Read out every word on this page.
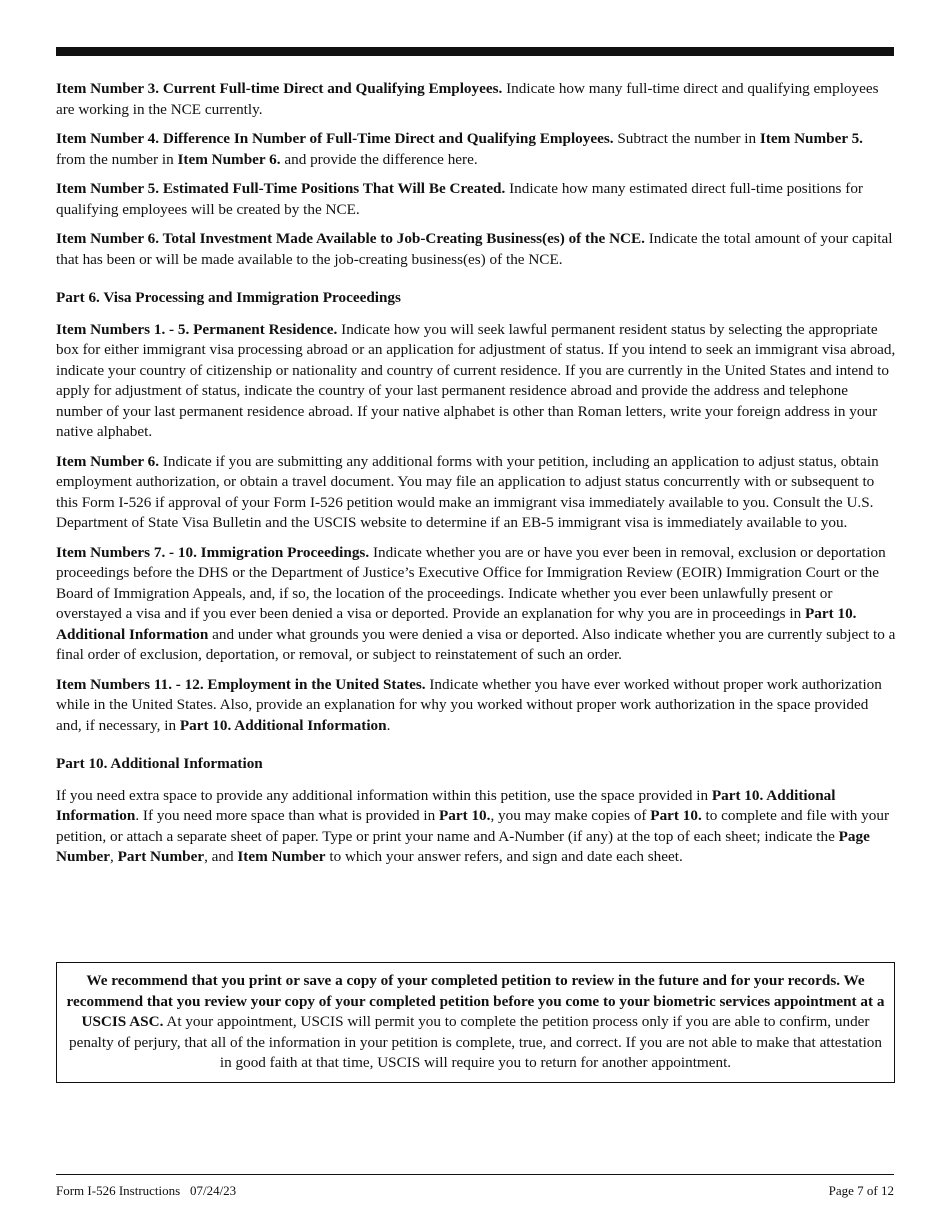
Item Number 3. Current Full-time Direct and Qualifying Employees. Indicate how many full-time direct and qualifying employees are working in the NCE currently.

Item Number 4. Difference In Number of Full-Time Direct and Qualifying Employees. Subtract the number in Item Number 5. from the number in Item Number 6. and provide the difference here.

Item Number 5. Estimated Full-Time Positions That Will Be Created. Indicate how many estimated direct full-time positions for qualifying employees will be created by the NCE.

Item Number 6. Total Investment Made Available to Job-Creating Business(es) of the NCE. Indicate the total amount of your capital that has been or will be made available to the job-creating business(es) of the NCE.

Part 6. Visa Processing and Immigration Proceedings

Item Numbers 1. - 5. Permanent Residence. Indicate how you will seek lawful permanent resident status by selecting the appropriate box for either immigrant visa processing abroad or an application for adjustment of status. If you intend to seek an immigrant visa abroad, indicate your country of citizenship or nationality and country of current residence. If you are currently in the United States and intend to apply for adjustment of status, indicate the country of your last permanent residence abroad and provide the address and telephone number of your last permanent residence abroad. If your native alphabet is other than Roman letters, write your foreign address in your native alphabet.

Item Number 6. Indicate if you are submitting any additional forms with your petition, including an application to adjust status, obtain employment authorization, or obtain a travel document. You may file an application to adjust status concurrently with or subsequent to this Form I-526 if approval of your Form I-526 petition would make an immigrant visa immediately available to you. Consult the U.S. Department of State Visa Bulletin and the USCIS website to determine if an EB-5 immigrant visa is immediately available to you.

Item Numbers 7. - 10. Immigration Proceedings. Indicate whether you are or have you ever been in removal, exclusion or deportation proceedings before the DHS or the Department of Justice’s Executive Office for Immigration Review (EOIR) Immigration Court or the Board of Immigration Appeals, and, if so, the location of the proceedings. Indicate whether you ever been unlawfully present or overstayed a visa and if you ever been denied a visa or deported. Provide an explanation for why you are in proceedings in Part 10. Additional Information and under what grounds you were denied a visa or deported. Also indicate whether you are currently subject to a final order of exclusion, deportation, or removal, or subject to reinstatement of such an order.

Item Numbers 11. - 12. Employment in the United States. Indicate whether you have ever worked without proper work authorization while in the United States. Also, provide an explanation for why you worked without proper work authorization in the space provided and, if necessary, in Part 10. Additional Information.

Part 10. Additional Information

If you need extra space to provide any additional information within this petition, use the space provided in Part 10. Additional Information. If you need more space than what is provided in Part 10., you may make copies of Part 10. to complete and file with your petition, or attach a separate sheet of paper. Type or print your name and A-Number (if any) at the top of each sheet; indicate the Page Number, Part Number, and Item Number to which your answer refers, and sign and date each sheet.

We recommend that you print or save a copy of your completed petition to review in the future and for your records. We recommend that you review your copy of your completed petition before you come to your biometric services appointment at a USCIS ASC. At your appointment, USCIS will permit you to complete the petition process only if you are able to confirm, under penalty of perjury, that all of the information in your petition is complete, true, and correct. If you are not able to make that attestation in good faith at that time, USCIS will require you to return for another appointment.
Form I-526 Instructions   07/24/23	Page 7 of 12
